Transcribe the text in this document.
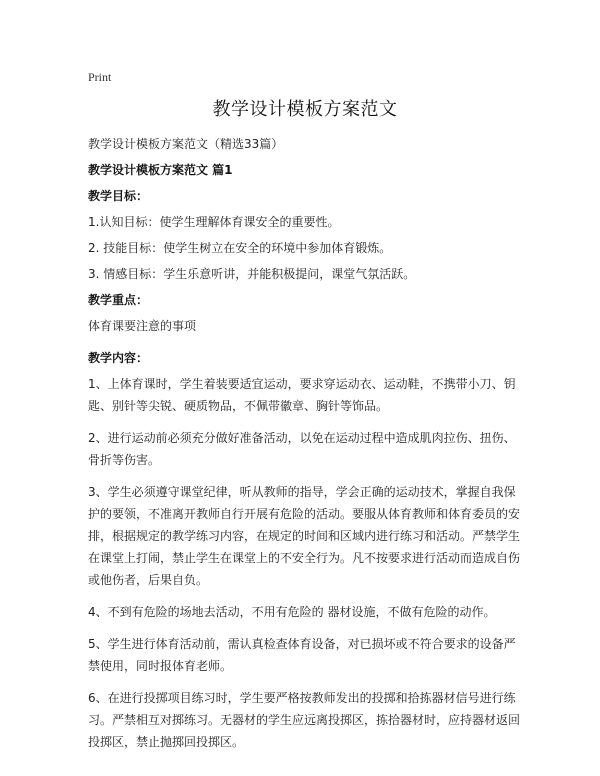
Print
教学设计模板方案范文

教学设计模板方案范文（精选33篇）

教学设计模板方案范文 篇1

教学目标：

1.认知目标：使学生理解体育课安全的重要性。

2. 技能目标：使学生树立在安全的环境中参加体育锻炼。

3. 情感目标：学生乐意听讲，并能积极提问，课堂气氛活跃。

教学重点：

体育课要注意的事项

教学内容：

1、上体育课时，学生着装要适宜运动，要求穿运动衣、运动鞋，不携带小刀、钥匙、别针等尖锐、硬质物品，不佩带徽章、胸针等饰品。

2、进行运动前必须充分做好准备活动，以免在运动过程中造成肌肉拉伤、扭伤、骨折等伤害。

3、学生必须遵守课堂纪律，听从教师的指导，学会正确的运动技术，掌握自我保护的要领，不准离开教师自行开展有危险的活动。要服从体育教师和体育委员的安排，根据规定的教学练习内容，在规定的时间和区域内进行练习和活动。严禁学生在课堂上打闹，禁止学生在课堂上的不安全行为。凡不按要求进行活动而造成自伤或他伤者，后果自负。

4、不到有危险的场地去活动，不用有危险的 器材设施，不做有危险的动作。

5、学生进行体育活动前，需认真检查体育设备，对已损坏或不符合要求的设备严禁使用，同时报体育老师。

6、在进行投掷项目练习时，学生要严格按教师发出的投掷和拾拣器材信号进行练习。严禁相互对掷练习。无器材的学生应远离投掷区，拣拾器材时，应持器材返回投掷区，禁止抛掷回投掷区。
